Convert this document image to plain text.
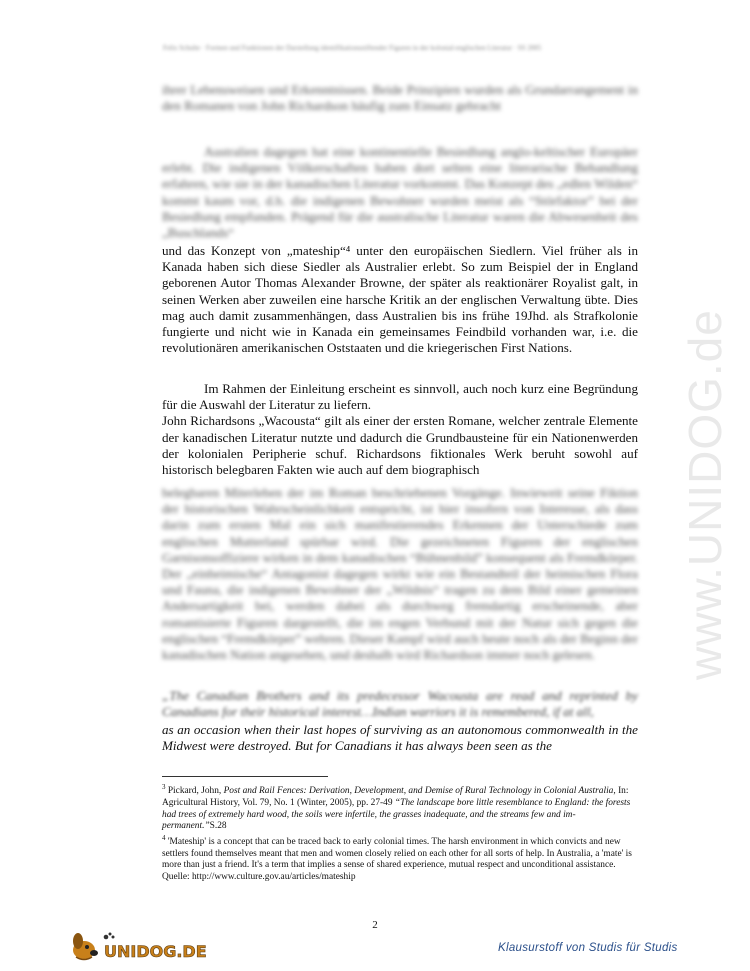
Felix Schulte · Formen und Funktionen der Darstellung identifikationsstiftender Figuren in der kolonial-englischen Literatur · SS 2005
ihrer Lebensweisen und Erkenntnissen. Beide Prinzipien wurden als Grundarrangement in den Romanen von John Richardson häufig zum Einsatz gebracht
Australien dagegen hat eine kontinentielle Besiedlung anglo-keltischer Europäer erlebt. Die indigenen Völkerschaften haben dort selten eine literarische Behandlung erfahren, wie sie in der kanadischen Literatur vorkommt. Das Konzept des „edlen Wilden“ kommt kaum vor, d.h. die indigenen Bewohner wurden meist als “Störfaktor” bei der Besiedlung empfunden. Prägend für die australische Literatur waren die Abwesenheit des „Buschlands“
und das Konzept von „mateship“⁴ unter den europäischen Siedlern. Viel früher als in Kanada haben sich diese Siedler als Australier erlebt. So zum Beispiel der in England geborenen Autor Thomas Alexander Browne, der später als reaktionärer Royalist galt, in seinen Werken aber zuweilen eine harsche Kritik an der englischen Verwaltung übte. Dies mag auch damit zusammenhängen, dass Australien bis ins frühe 19Jhd. als Strafkolonie fungierte und nicht wie in Kanada ein gemeinsames Feindbild vorhanden war, i.e. die revolutionären amerikanischen Oststaaten und die kriegerischen First Nations.
Im Rahmen der Einleitung erscheint es sinnvoll, auch noch kurz eine Begründung für die Auswahl der Literatur zu liefern.
John Richardsons „Wacousta“ gilt als einer der ersten Romane, welcher zentrale Elemente der kanadischen Literatur nutzte und dadurch die Grundbausteine für ein Nationenwerden der kolonialen Peripherie schuf. Richardsons fiktionales Werk beruht sowohl auf historisch belegbaren Fakten wie auch auf dem biographisch
belegbaren Miterleben der im Roman beschriebenen Vorgänge. Inwieweit seine Fiktion der historischen Wahrscheinlichkeit entspricht, ist hier insofern von Interesse, als dass darin zum ersten Mal ein sich manifestierendes Erkennen der Unterschiede zum englischen Mutterland spürbar wird. Die gezeichneten Figuren der englischen Garnisonsoffiziere wirken in dem kanadischen “Bühnenbild” konsequent als Fremdkörper. Der „einheimische“ Antagonist dagegen wirkt wie ein Bestandteil der heimischen Flora und Fauna, die indigenen Bewohner der „Wildnis“ tragen zu dem Bild einer gemeinen Andersartigkeit bei, werden dabei als durchweg fremdartig erscheinende, aber romantisierte Figuren dargestellt, die im engen Verbund mit der Natur sich gegen die englischen “Fremdkörper” wehren. Dieser Kampf wird auch heute noch als der Beginn der kanadischen Nation angesehen, und deshalb wird Richardson immer noch gelesen.
„The Canadian Brothers and its predecessor Wacousta are read and reprinted by Canadians for their historical interest…Indian warriors it is remembered, if at all,
as an occasion when their last hopes of surviving as an autonomous commonwealth in the Midwest were destroyed. But for Canadians it has always been seen as the

$^3$ Pickard, John, Post and Rail Fences: Derivation, Development, and Demise of Rural Technology in Colonial Australia, In: Agricultural History, Vol. 79, No. 1 (Winter, 2005), pp. 27-49 “The landscape bore little resemblance to England: the forests had trees of extremely hard wood, the soils were infertile, the grasses inadequate, and the streams few and im-permanent.”S.28

$^4$ 'Mateship' is a concept that can be traced back to early colonial times. The harsh environment in which convicts and new settlers found themselves meant that men and women closely relied on each other for all sorts of help. In Australia, a 'mate' is more than just a friend. It's a term that implies a sense of shared experience, mutual respect and unconditional assistance. Quelle: http://www.culture.gov.au/articles/mateship

2
www.UNIDOG.de
UNIDOG.DE	Klausurstoff von Studis für Studis
